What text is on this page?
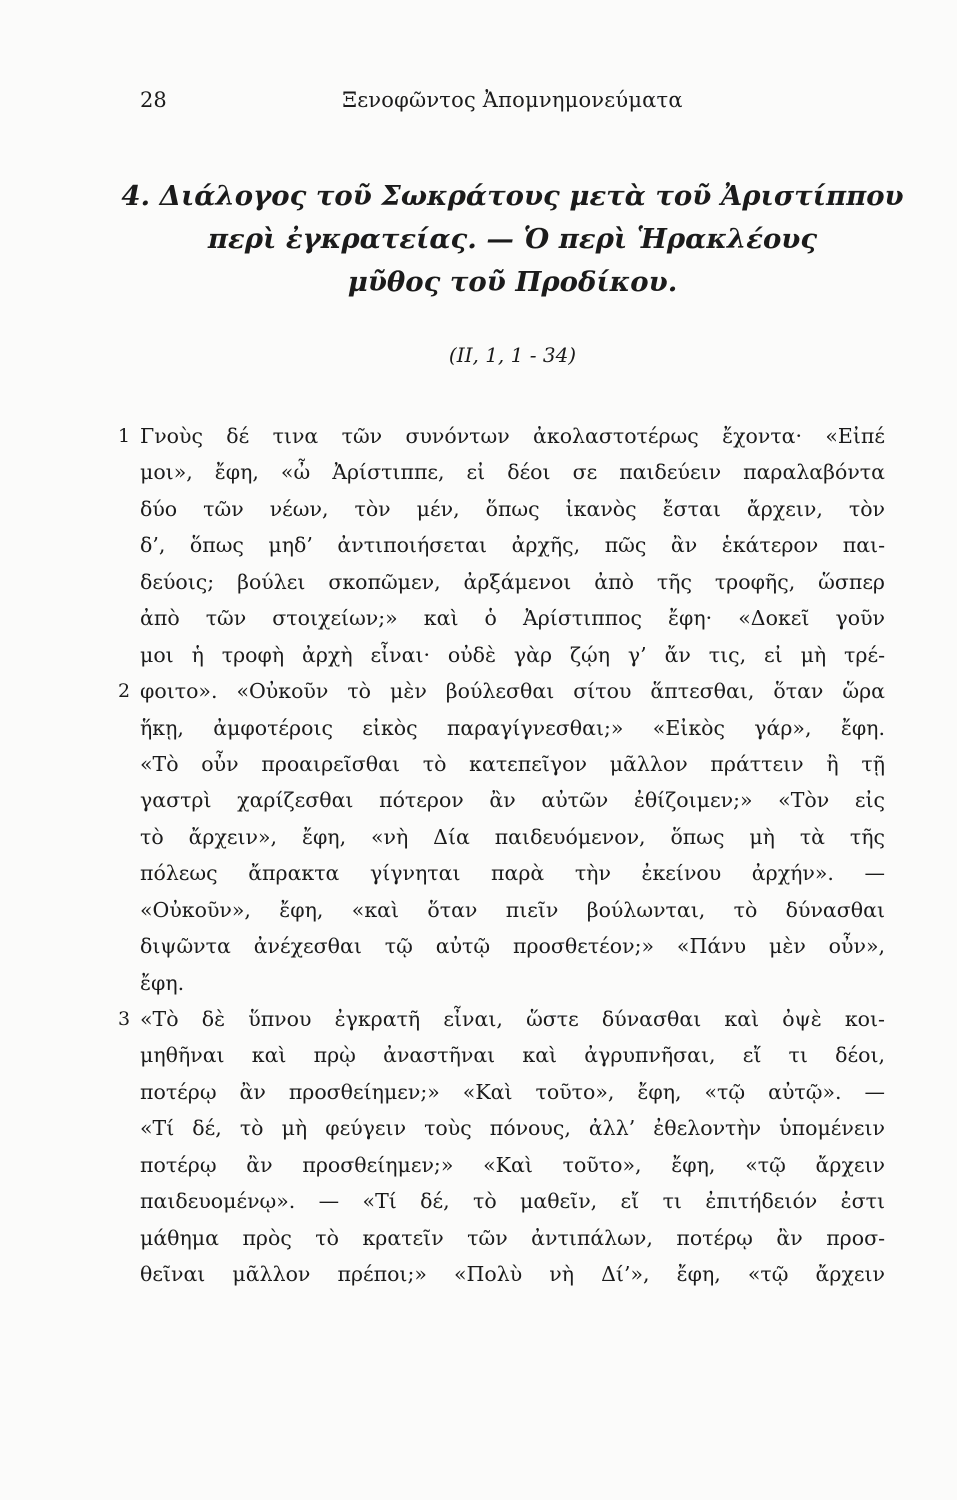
28	Ξενοφῶντος Ἀπομνημονεύματα
4. Διάλογος τοῦ Σωκράτους μετὰ τοῦ Ἀριστίππου
περὶ ἐγκρατείας. — Ὁ περὶ Ἡρακλέους
μῦθος τοῦ Προδίκου.
(II, 1, 1 - 34)
1 Γνοὺς δέ τινα τῶν συνόντων ἀκολαστοτέρως ἔχοντα· «Εἰπέ
μοι», ἔφη, «ὦ Ἀρίστιππε, εἰ δέοι σε παιδεύειν παραλαβόντα
δύο τῶν νέων, τὸν μέν, ὅπως ἱκανὸς ἔσται ἄρχειν, τὸν
δ’, ὅπως μηδ’ ἀντιποιήσεται ἀρχῆς, πῶς ἂν ἑκάτερον παι-
δεύοις; βούλει σκοπῶμεν, ἀρξάμενοι ἀπὸ τῆς τροφῆς, ὥσπερ
ἀπὸ τῶν στοιχείων;» καὶ ὁ Ἀρίστιππος ἔφη· «Δοκεῖ γοῦν
μοι ἡ τροφὴ ἀρχὴ εἶναι· οὐδὲ γὰρ ζῴη γ’ ἄν τις, εἰ μὴ τρέ-
2 φοιτο». «Οὐκοῦν τὸ μὲν βούλεσθαι σίτου ἅπτεσθαι, ὅταν ὥρα
ἥκῃ, ἀμφοτέροις εἰκὸς παραγίγνεσθαι;» «Εἰκὸς γάρ», ἔφη.
«Τὸ οὖν προαιρεῖσθαι τὸ κατεπεῖγον μᾶλλον πράττειν ἢ τῇ
γαστρὶ χαρίζεσθαι πότερον ἂν αὐτῶν ἐθίζοιμεν;» «Τὸν εἰς
τὸ ἄρχειν», ἔφη, «νὴ Δία παιδευόμενον, ὅπως μὴ τὰ τῆς
πόλεως ἄπρακτα γίγνηται παρὰ τὴν ἐκείνου ἀρχήν». —
«Οὐκοῦν», ἔφη, «καὶ ὅταν πιεῖν βούλωνται, τὸ δύνασθαι
διψῶντα ἀνέχεσθαι τῷ αὐτῷ προσθετέον;» «Πάνυ μὲν οὖν»,
ἔφη.
3 «Τὸ δὲ ὕπνου ἐγκρατῆ εἶναι, ὥστε δύνασθαι καὶ ὀψὲ κοι-
μηθῆναι καὶ πρῲ ἀναστῆναι καὶ ἀγρυπνῆσαι, εἴ τι δέοι,
ποτέρῳ ἂν προσθείημεν;» «Καὶ τοῦτο», ἔφη, «τῷ αὐτῷ». —
«Τί δέ, τὸ μὴ φεύγειν τοὺς πόνους, ἀλλ’ ἐθελοντὴν ὑπομένειν
ποτέρῳ ἂν προσθείημεν;» «Καὶ τοῦτο», ἔφη, «τῷ ἄρχειν
παιδευομένῳ». — «Τί δέ, τὸ μαθεῖν, εἴ τι ἐπιτήδειόν ἐστι
μάθημα πρὸς τὸ κρατεῖν τῶν ἀντιπάλων, ποτέρῳ ἂν προσ-
θεῖναι μᾶλλον πρέποι;» «Πολὺ νὴ Δί’», ἔφη, «τῷ ἄρχειν
